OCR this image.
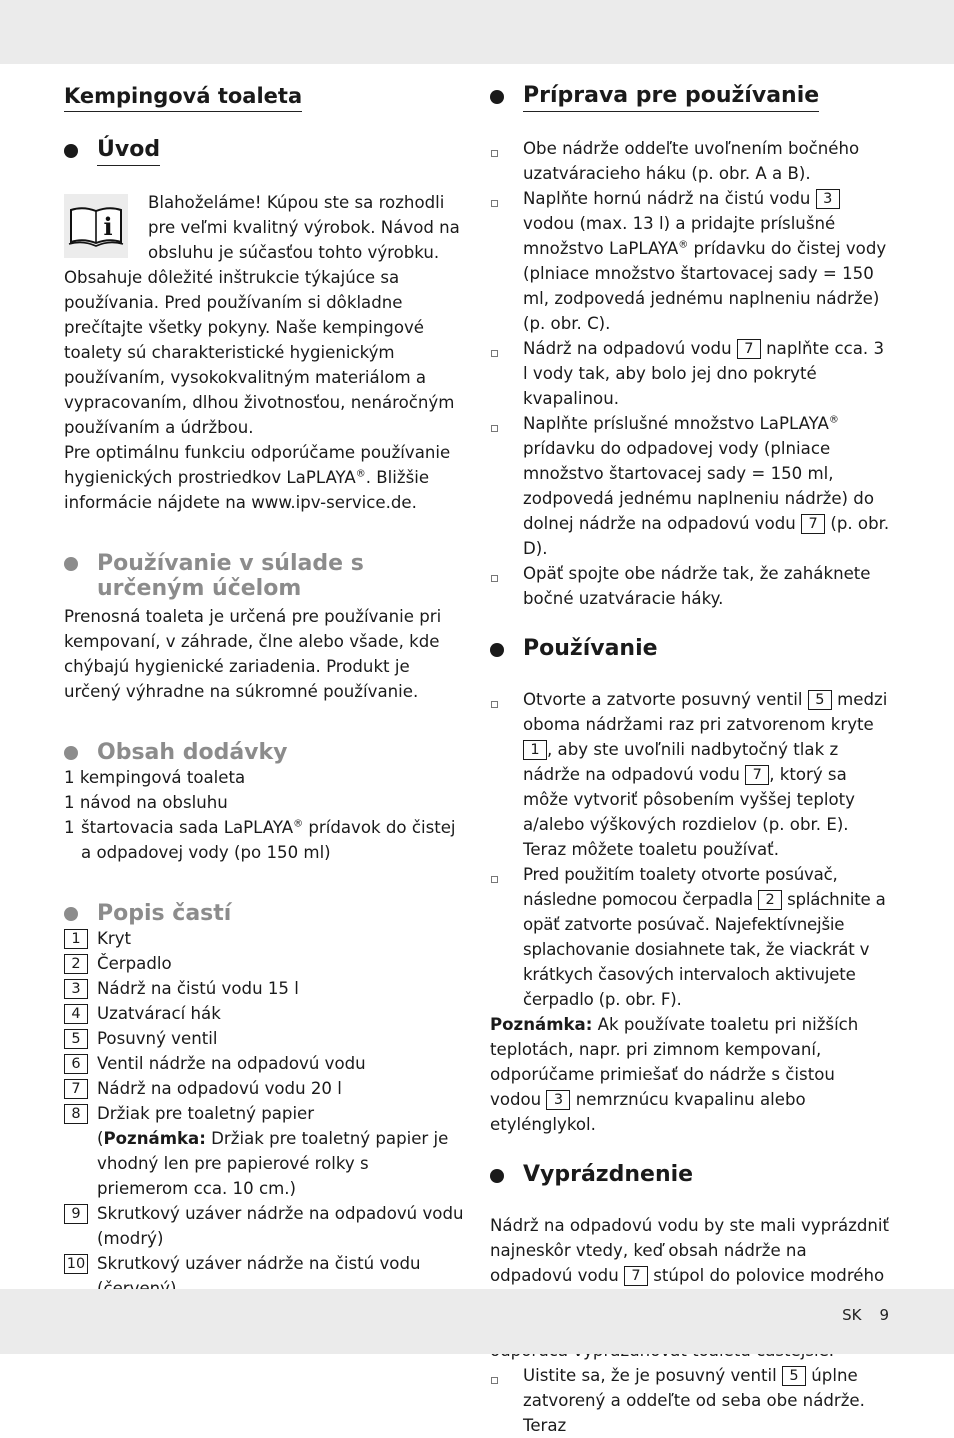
Kempingová toaleta
Úvod
i

Blahoželáme! Kúpou ste sa rozhodli pre veľmi kvalitný výrobok. Návod na obsluhu je súčasťou tohto výrobku. Obsahuje dôležité inštrukcie týkajúce sa používania. Pred používaním si dôkladne prečítajte všetky pokyny. Naše kempingové toalety sú charakteristické hygienickým používaním, vysokokvalitným materiálom a vypracovaním, dlhou životnosťou, nenáročným používaním a údržbou.

Pre optimálnu funkciu odporúčame používanie hygienických prostriedkov LaPLAYA®. Bližšie informácie nájdete na www.ipv-service.de.

Používanie v súlade s určeným účelom

Prenosná toaleta je určená pre používanie pri kempovaní, v záhrade, člne alebo všade, kde chýbajú hygienické zariadenia. Produkt je určený výhradne na súkromné používanie.

Obsah dodávky
1 kempingová toaleta
1 návod na obsluhu
1 štartovacia sada LaPLAYA® prídavok do čistej a odpadovej vody (po 150 ml)
Popis častí
1 Kryt
2 Čerpadlo
3 Nádrž na čistú vodu 15 l
4 Uzatvárací hák
5 Posuvný ventil
6 Ventil nádrže na odpadovú vodu
7 Nádrž na odpadovú vodu 20 l
8 Držiak pre toaletný papier
(Poznámka: Držiak pre toaletný papier je vhodný len pre papierové rolky s priemerom cca. 10 cm.)
9 Skrutkový uzáver nádrže na odpadovú vodu (modrý)
10 Skrutkový uzáver nádrže na čistú vodu
Príprava pre používanie
Obe nádrže oddeľte uvoľnením bočného uzatváracieho háku (p. obr. A a B).
Naplňte hornú nádrž na čistú vodu 3 vodou (max. 13 l) a pridajte príslušné množstvo LaPLAYA® prídavku do čistej vody (plniace množstvo štartovacej sady = 150 ml, zodpovedá jednému naplneniu nádrže) (p. obr. C).
Nádrž na odpadovú vodu 7 naplňte cca. 3 l vody tak, aby bolo jej dno pokryté kvapalinou.
Naplňte príslušné množstvo LaPLAYA® prídavku do odpadovej vody (plniace množstvo štartovacej sady = 150 ml, zodpovedá jednému naplneniu nádrže) do dolnej nádrže na odpadovú vodu 7 (p. obr. D).
Opäť spojte obe nádrže tak, že zaháknete bočné uzatváracie háky.
Používanie
Otvorte a zatvorte posuvný ventil 5 medzi oboma nádržami raz pri zatvorenom kryte 1 , aby ste uvoľnili nadbytočný tlak z nádrže na odpadovú vodu 7 , ktorý sa môže vytvoriť pôsobením vyššej teploty a/alebo výškových rozdielov (p. obr. E).
Teraz môžete toaletu používať.
Pred použitím toalety otvorte posúvač, následne pomocou čerpadla 2 spláchnite a opäť zatvorte posúvač. Najefektívnejšie splachovanie dosiahnete tak, že viackrát v krátkych časových intervaloch aktivujete čerpadlo (p. obr. F).

Poznámka: Ak používate toaletu pri nižších teplotách, napr. pri zimnom kempovaní, odporúčame primiešať do nádrže s čistou vodou 3 nemrznúcu kvapalinu alebo etylénglykol.

Vyprázdnenie

Nádrž na odpadovú vodu by ste mali vyprázdniť najneskôr vtedy, keď obsah nádrže na odpadovú vodu 7 stúpol do polovice modrého

Uistite sa, že je posuvný ventil 5 úplne zatvorený a oddeľte od seba obe nádrže. Teraz
SK 9
